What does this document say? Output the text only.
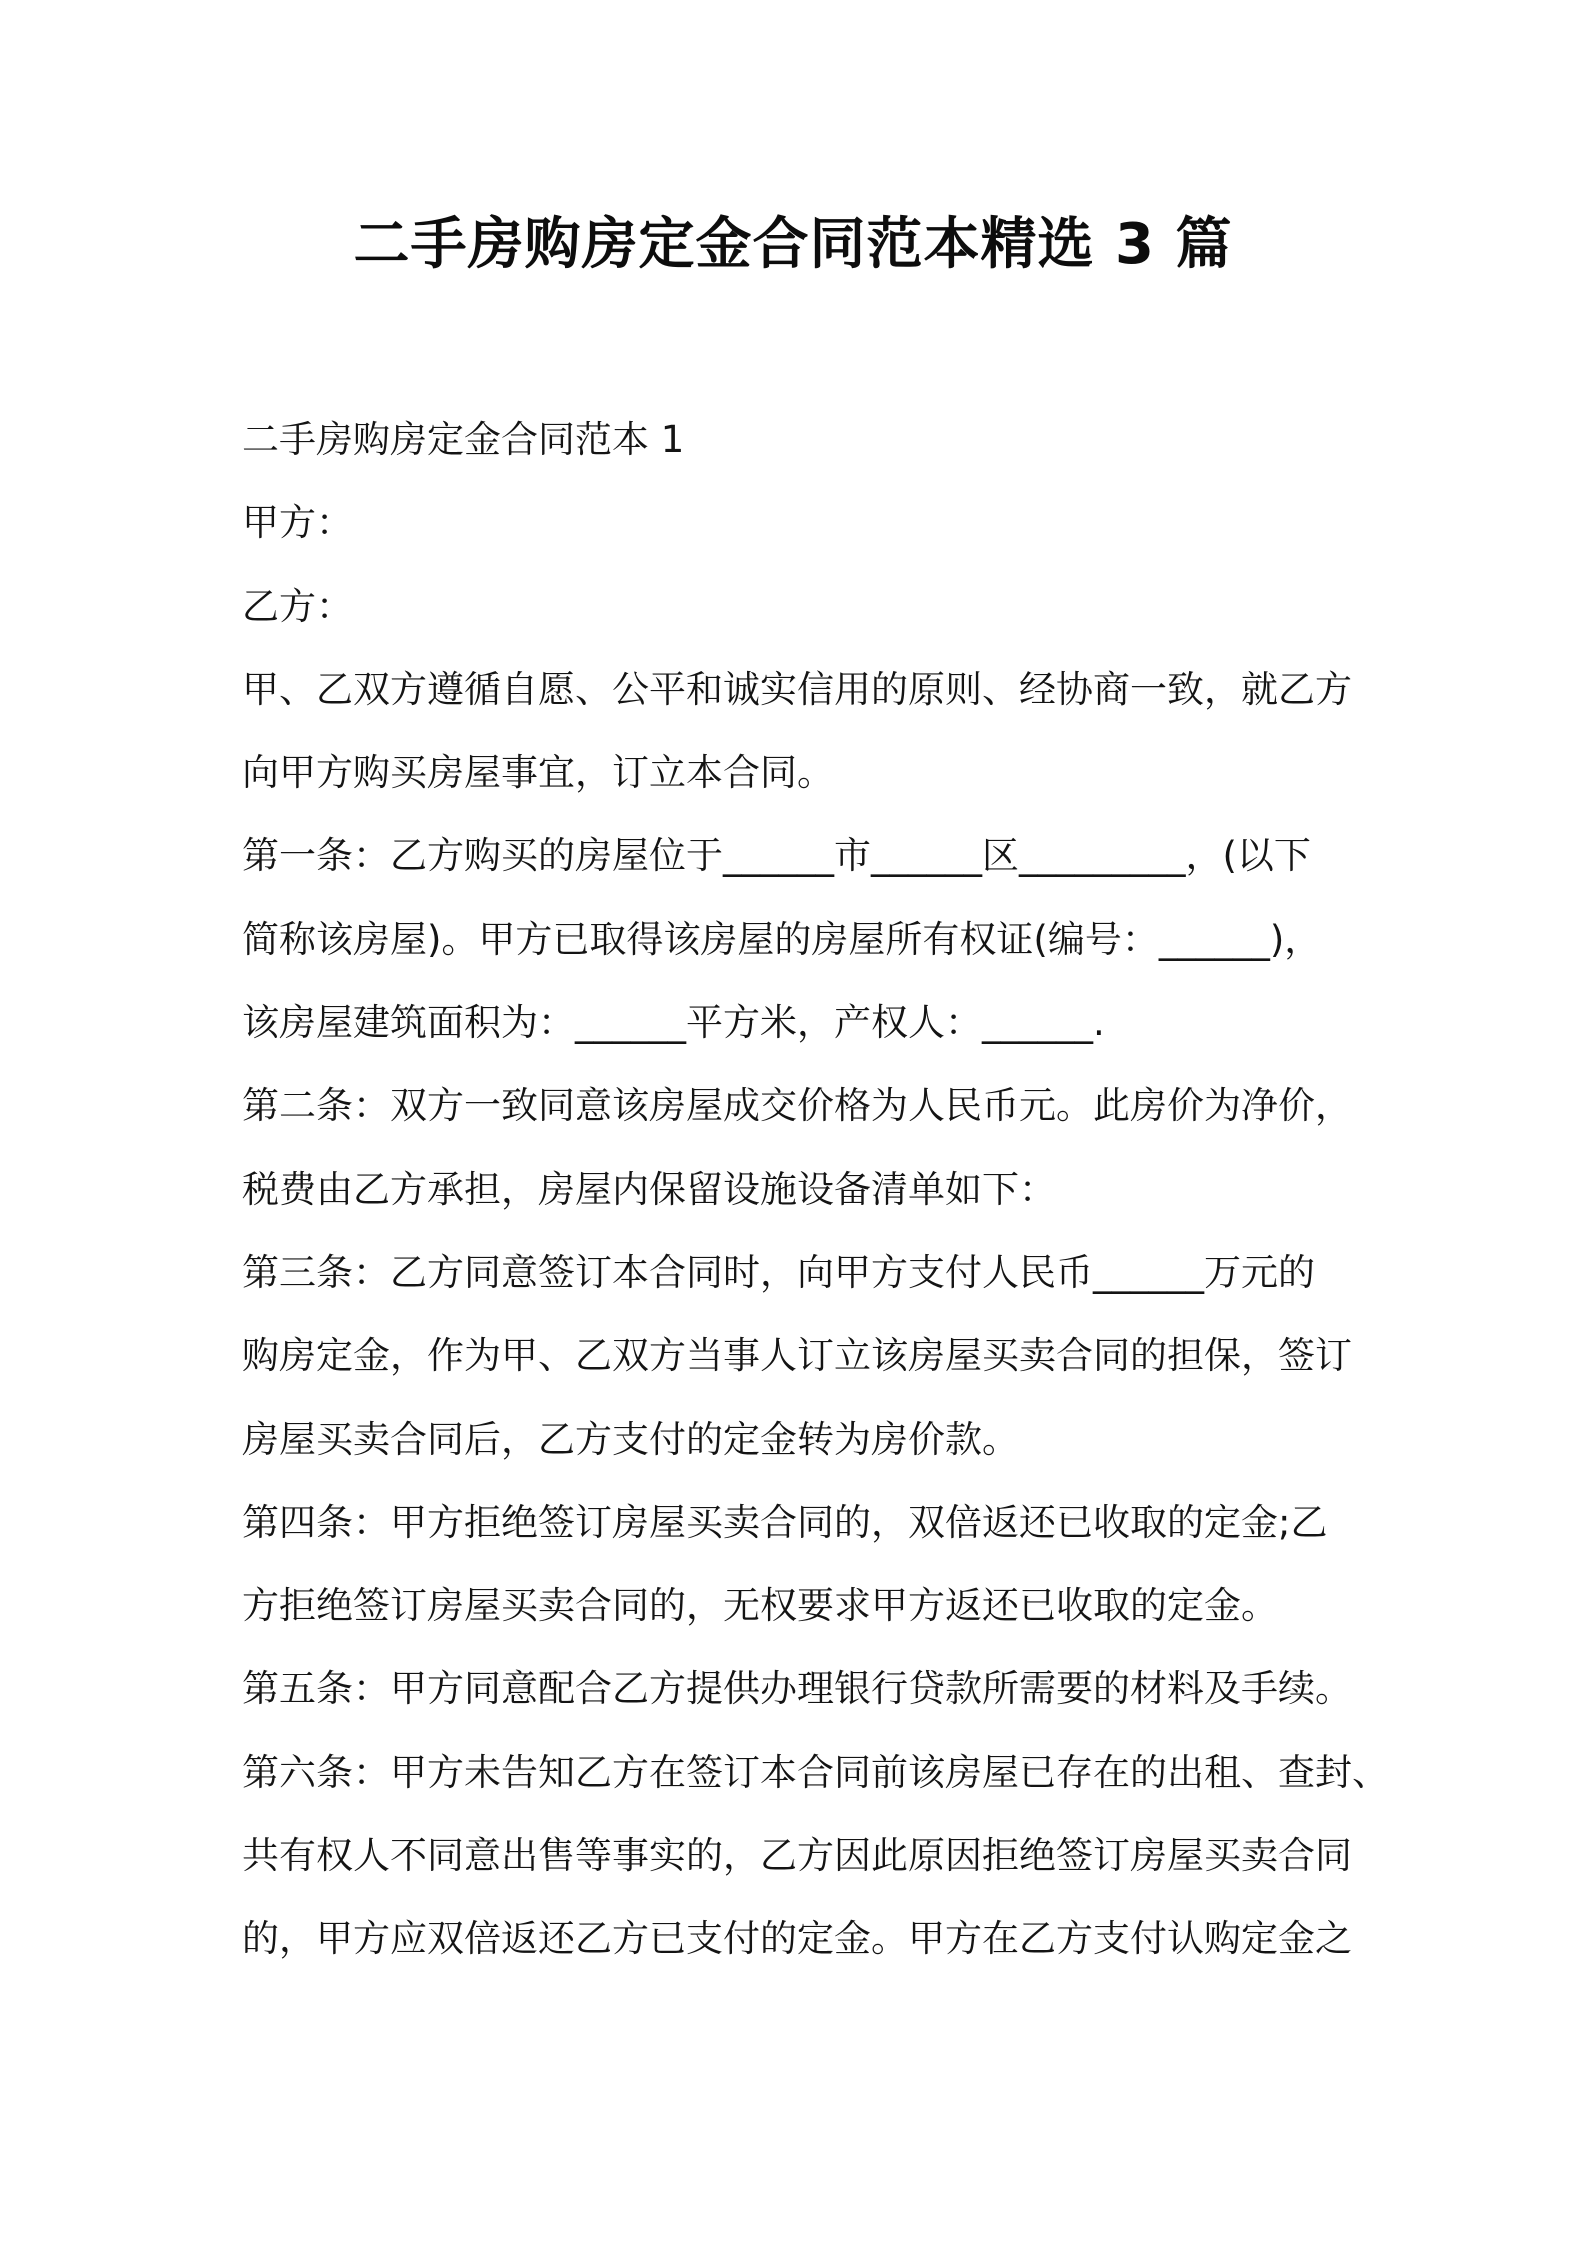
二手房购房定金合同范本精选 3 篇
二手房购房定金合同范本 1
甲方：
乙方：
甲、乙双方遵循自愿、公平和诚实信用的原则、经协商一致，就乙方
向甲方购买房屋事宜，订立本合同。
第一条：乙方购买的房屋位于______市______区_________，(以下
简称该房屋)。甲方已取得该房屋的房屋所有权证(编号：______)，
该房屋建筑面积为：______平方米，产权人：______.
第二条：双方一致同意该房屋成交价格为人民币元。此房价为净价，
税费由乙方承担，房屋内保留设施设备清单如下：
第三条：乙方同意签订本合同时，向甲方支付人民币______万元的
购房定金，作为甲、乙双方当事人订立该房屋买卖合同的担保，签订
房屋买卖合同后，乙方支付的定金转为房价款。
第四条：甲方拒绝签订房屋买卖合同的，双倍返还已收取的定金;乙
方拒绝签订房屋买卖合同的，无权要求甲方返还已收取的定金。
第五条：甲方同意配合乙方提供办理银行贷款所需要的材料及手续。
第六条：甲方未告知乙方在签订本合同前该房屋已存在的出租、查封、
共有权人不同意出售等事实的，乙方因此原因拒绝签订房屋买卖合同
的，甲方应双倍返还乙方已支付的定金。甲方在乙方支付认购定金之
